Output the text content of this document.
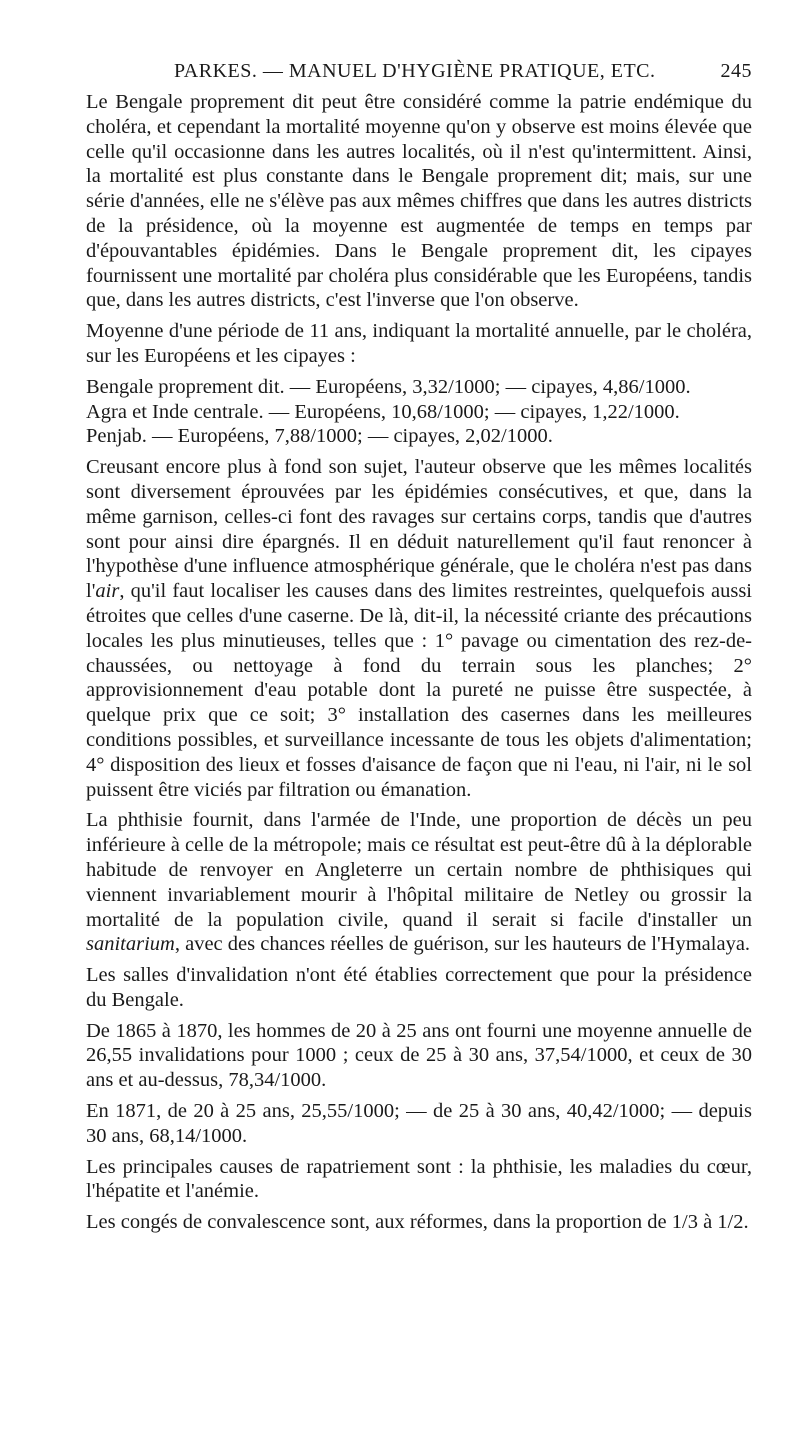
PARKES. — MANUEL D'HYGIÈNE PRATIQUE, ETC.	245

Le Bengale proprement dit peut être considéré comme la patrie endémique du choléra, et cependant la mortalité moyenne qu'on y observe est moins élevée que celle qu'il occasionne dans les autres localités, où il n'est qu'intermittent. Ainsi, la mortalité est plus constante dans le Bengale proprement dit; mais, sur une série d'années, elle ne s'élève pas aux mêmes chiffres que dans les autres districts de la présidence, où la moyenne est augmentée de temps en temps par d'épouvantables épidémies. Dans le Bengale proprement dit, les cipayes fournissent une mortalité par choléra plus considérable que les Européens, tandis que, dans les autres districts, c'est l'inverse que l'on observe.

Moyenne d'une période de 11 ans, indiquant la mortalité annuelle, par le choléra, sur les Européens et les cipayes :

Bengale proprement dit. — Européens, 3,32/1000; — cipayes, 4,86/1000.

Agra et Inde centrale. — Européens, 10,68/1000; — cipayes, 1,22/1000.

Penjab. — Européens, 7,88/1000; — cipayes, 2,02/1000.

Creusant encore plus à fond son sujet, l'auteur observe que les mêmes localités sont diversement éprouvées par les épidémies consécutives, et que, dans la même garnison, celles-ci font des ravages sur certains corps, tandis que d'autres sont pour ainsi dire épargnés. Il en déduit naturellement qu'il faut renoncer à l'hypothèse d'une influence atmosphérique générale, que le choléra n'est pas dans l'air, qu'il faut localiser les causes dans des limites restreintes, quelquefois aussi étroites que celles d'une caserne. De là, dit-il, la nécessité criante des précautions locales les plus minutieuses, telles que : 1° pavage ou cimentation des rez-de-chaussées, ou nettoyage à fond du terrain sous les planches; 2° approvisionnement d'eau potable dont la pureté ne puisse être suspectée, à quelque prix que ce soit; 3° installation des casernes dans les meilleures conditions possibles, et surveillance incessante de tous les objets d'alimentation; 4° disposition des lieux et fosses d'aisance de façon que ni l'eau, ni l'air, ni le sol puissent être viciés par filtration ou émanation.

La phthisie fournit, dans l'armée de l'Inde, une proportion de décès un peu inférieure à celle de la métropole; mais ce résultat est peut-être dû à la déplorable habitude de renvoyer en Angleterre un certain nombre de phthisiques qui viennent invariablement mourir à l'hôpital militaire de Netley ou grossir la mortalité de la population civile, quand il serait si facile d'installer un sanitarium, avec des chances réelles de guérison, sur les hauteurs de l'Hymalaya.

Les salles d'invalidation n'ont été établies correctement que pour la présidence du Bengale.

De 1865 à 1870, les hommes de 20 à 25 ans ont fourni une moyenne annuelle de 26,55 invalidations pour 1000 ; ceux de 25 à 30 ans, 37,54/1000, et ceux de 30 ans et au-dessus, 78,34/1000.

En 1871, de 20 à 25 ans, 25,55/1000; — de 25 à 30 ans, 40,42/1000; — depuis 30 ans, 68,14/1000.

Les principales causes de rapatriement sont : la phthisie, les maladies du cœur, l'hépatite et l'anémie.

Les congés de convalescence sont, aux réformes, dans la proportion de 1/3 à 1/2.
